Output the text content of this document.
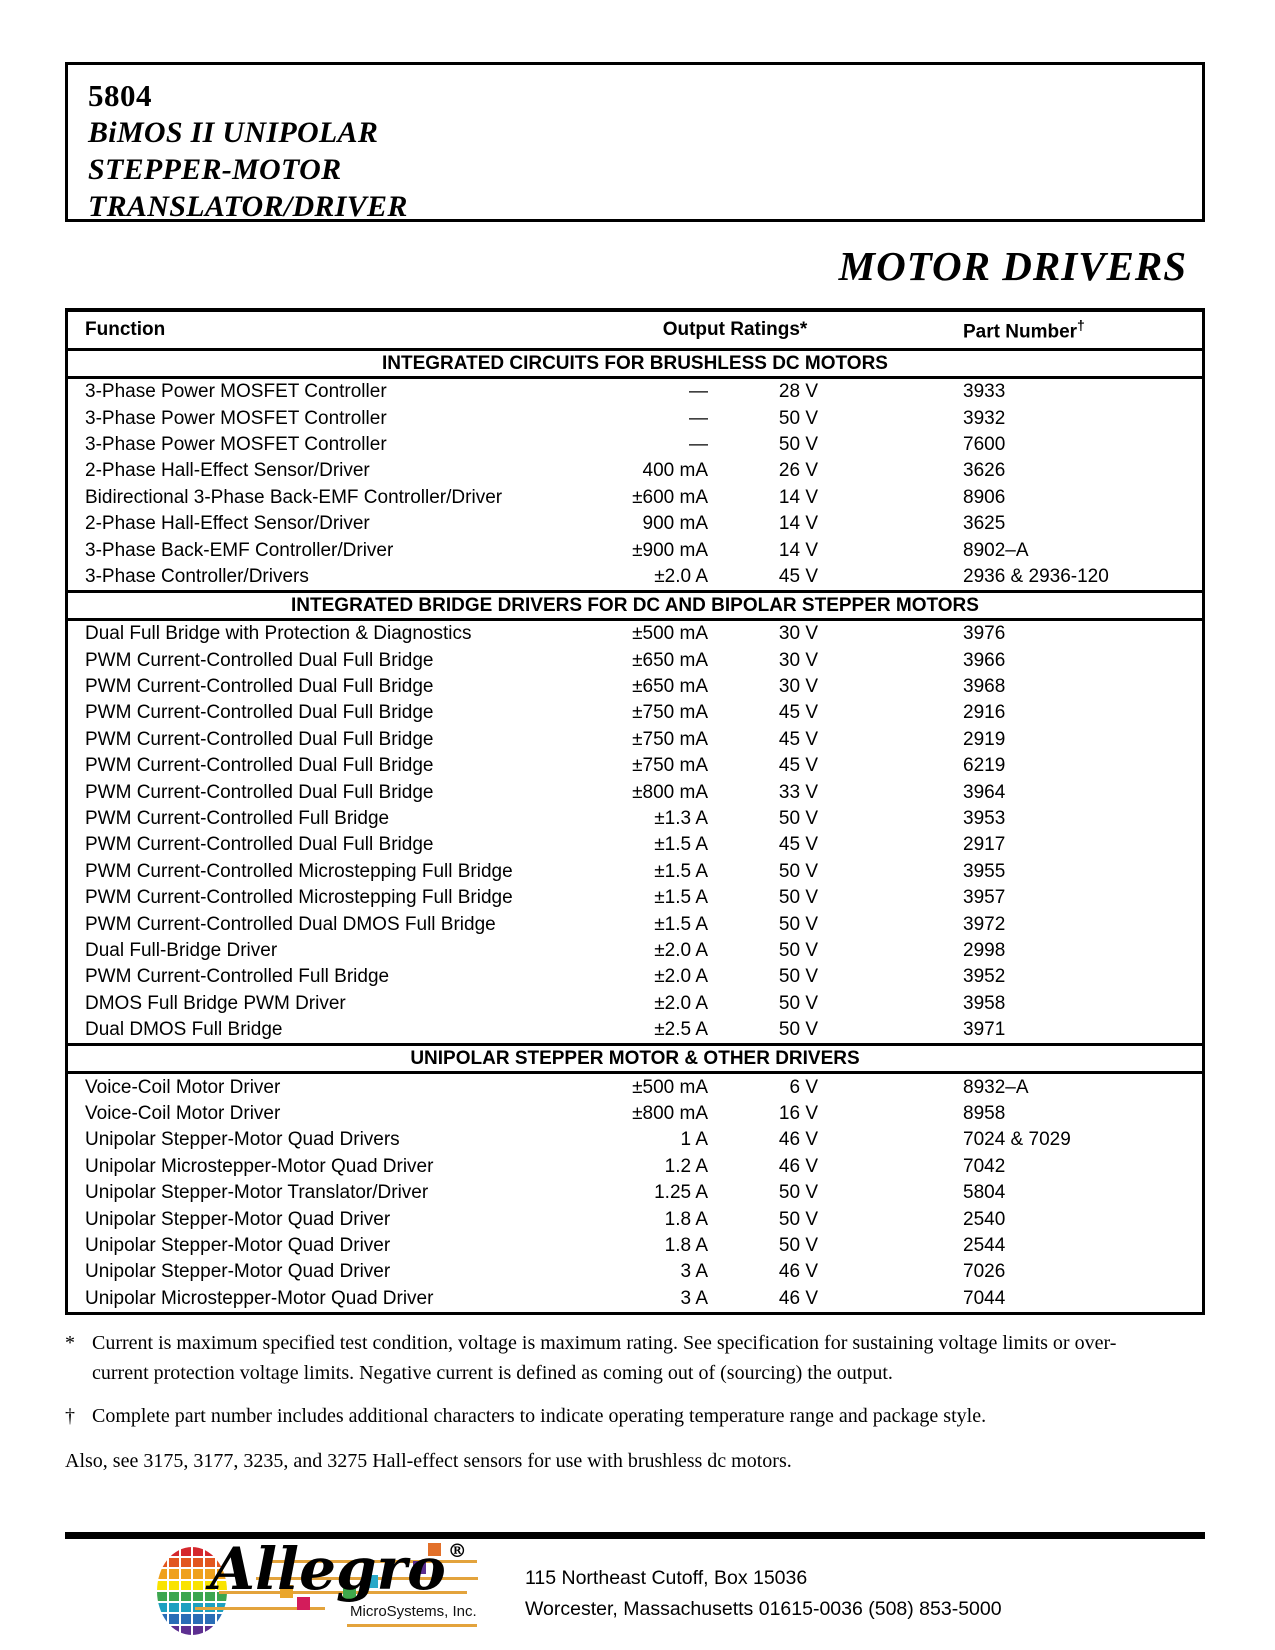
5804
BiMOS II UNIPOLAR
STEPPER-MOTOR
TRANSLATOR/DRIVER
MOTOR DRIVERS
Function	Output Ratings*	Part Number†
INTEGRATED CIRCUITS FOR BRUSHLESS DC MOTORS
3-Phase Power MOSFET Controller	—	28 V	3933
3-Phase Power MOSFET Controller	—	50 V	3932
3-Phase Power MOSFET Controller	—	50 V	7600
2-Phase Hall-Effect Sensor/Driver	400 mA	26 V	3626
Bidirectional 3-Phase Back-EMF Controller/Driver	±600 mA	14 V	8906
2-Phase Hall-Effect Sensor/Driver	900 mA	14 V	3625
3-Phase Back-EMF Controller/Driver	±900 mA	14 V	8902–A
3-Phase Controller/Drivers	±2.0 A	45 V	2936 & 2936-120
INTEGRATED BRIDGE DRIVERS FOR DC AND BIPOLAR STEPPER MOTORS
Dual Full Bridge with Protection & Diagnostics	±500 mA	30 V	3976
PWM Current-Controlled Dual Full Bridge	±650 mA	30 V	3966
PWM Current-Controlled Dual Full Bridge	±650 mA	30 V	3968
PWM Current-Controlled Dual Full Bridge	±750 mA	45 V	2916
PWM Current-Controlled Dual Full Bridge	±750 mA	45 V	2919
PWM Current-Controlled Dual Full Bridge	±750 mA	45 V	6219
PWM Current-Controlled Dual Full Bridge	±800 mA	33 V	3964
PWM Current-Controlled Full Bridge	±1.3 A	50 V	3953
PWM Current-Controlled Dual Full Bridge	±1.5 A	45 V	2917
PWM Current-Controlled Microstepping Full Bridge	±1.5 A	50 V	3955
PWM Current-Controlled Microstepping Full Bridge	±1.5 A	50 V	3957
PWM Current-Controlled Dual DMOS Full Bridge	±1.5 A	50 V	3972
Dual Full-Bridge Driver	±2.0 A	50 V	2998
PWM Current-Controlled Full Bridge	±2.0 A	50 V	3952
DMOS Full Bridge PWM Driver	±2.0 A	50 V	3958
Dual DMOS Full Bridge	±2.5 A	50 V	3971
UNIPOLAR STEPPER MOTOR & OTHER DRIVERS
Voice-Coil Motor Driver	±500 mA	6 V	8932–A
Voice-Coil Motor Driver	±800 mA	16 V	8958
Unipolar Stepper-Motor Quad Drivers	1 A	46 V	7024 & 7029
Unipolar Microstepper-Motor Quad Driver	1.2 A	46 V	7042
Unipolar Stepper-Motor Translator/Driver	1.25 A	50 V	5804
Unipolar Stepper-Motor Quad Driver	1.8 A	50 V	2540
Unipolar Stepper-Motor Quad Driver	1.8 A	50 V	2544
Unipolar Stepper-Motor Quad Driver	3 A	46 V	7026
Unipolar Microstepper-Motor Quad Driver	3 A	46 V	7044
* Current is maximum specified test condition, voltage is maximum rating. See specification for sustaining voltage limits or over-current protection voltage limits. Negative current is defined as coming out of (sourcing) the output.
† Complete part number includes additional characters to indicate operating temperature range and package style.
Also, see 3175, 3177, 3235, and 3275 Hall-effect sensors for use with brushless dc motors.
Allegro ®
MicroSystems, Inc.
115 Northeast Cutoff, Box 15036
Worcester, Massachusetts 01615-0036 (508) 853-5000
